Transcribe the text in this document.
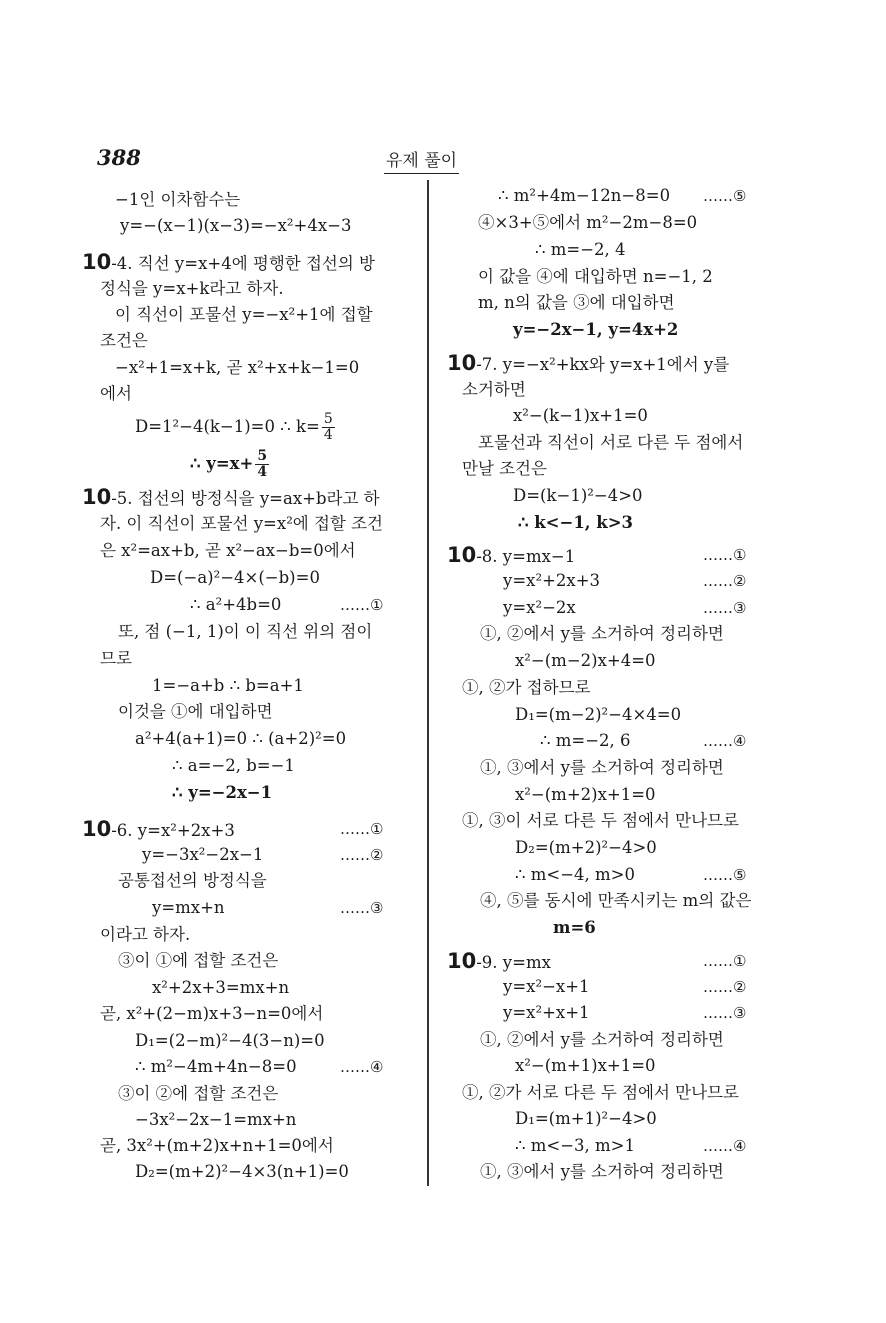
388	유제 풀이
−1인 이차함수는
y=−(x−1)(x−3)=−x²+4x−3
10-4. 직선 y=x+4에 평행한 접선의 방
정식을 y=x+k라고 하자.
이 직선이 포물선 y=−x²+1에 접할
조건은
−x²+1=x+k, 곧 x²+x+k−1=0
에서
D=1²−4(k−1)=0 ∴ $k= \frac{5}{4}$
∴ $y=x+ \frac{5}{4}$
10-5. 접선의 방정식을 y=ax+b라고 하
자. 이 직선이 포물선 y=x²에 접할 조건
은 x²=ax+b, 곧 x²−ax−b=0에서
D=(−a)²−4×(−b)=0
∴ a²+4b=0	……①
또, 점 (−1, 1)이 이 직선 위의 점이
므로
1=−a+b ∴ b=a+1
이것을 ①에 대입하면
a²+4(a+1)=0 ∴ (a+2)²=0
∴ a=−2, b=−1
∴ y=−2x−1
10-6. y=x²+2x+3	……①
y=−3x²−2x−1	……②
공통접선의 방정식을
y=mx+n	……③
이라고 하자.
③이 ①에 접할 조건은
x²+2x+3=mx+n
곧, x²+(2−m)x+3−n=0에서
D₁=(2−m)²−4(3−n)=0
∴ m²−4m+4n−8=0	……④
③이 ②에 접할 조건은
−3x²−2x−1=mx+n
곧, 3x²+(m+2)x+n+1=0에서
D₂=(m+2)²−4×3(n+1)=0
∴ m²+4m−12n−8=0 ……⑤
④×3+⑤에서 m²−2m−8=0
∴ m=−2, 4
이 값을 ④에 대입하면 n=−1, 2
m, n의 값을 ③에 대입하면
y=−2x−1, y=4x+2
10-7. y=−x²+kx와 y=x+1에서 y를
소거하면
x²−(k−1)x+1=0
포물선과 직선이 서로 다른 두 점에서
만날 조건은
D=(k−1)²−4>0
∴ k<−1, k>3
10-8. y=mx−1	……①
y=x²+2x+3	……②
y=x²−2x	……③
①, ②에서 y를 소거하여 정리하면
x²−(m−2)x+4=0
①, ②가 접하므로
D₁=(m−2)²−4×4=0
∴ m=−2, 6	……④
①, ③에서 y를 소거하여 정리하면
x²−(m+2)x+1=0
①, ③이 서로 다른 두 점에서 만나므로
D₂=(m+2)²−4>0
∴ m<−4, m>0	……⑤
④, ⑤를 동시에 만족시키는 m의 값은
m=6
10-9. y=mx	……①
y=x²−x+1	……②
y=x²+x+1	……③
①, ②에서 y를 소거하여 정리하면
x²−(m+1)x+1=0
①, ②가 서로 다른 두 점에서 만나므로
D₁=(m+1)²−4>0
∴ m<−3, m>1	……④
①, ③에서 y를 소거하여 정리하면
